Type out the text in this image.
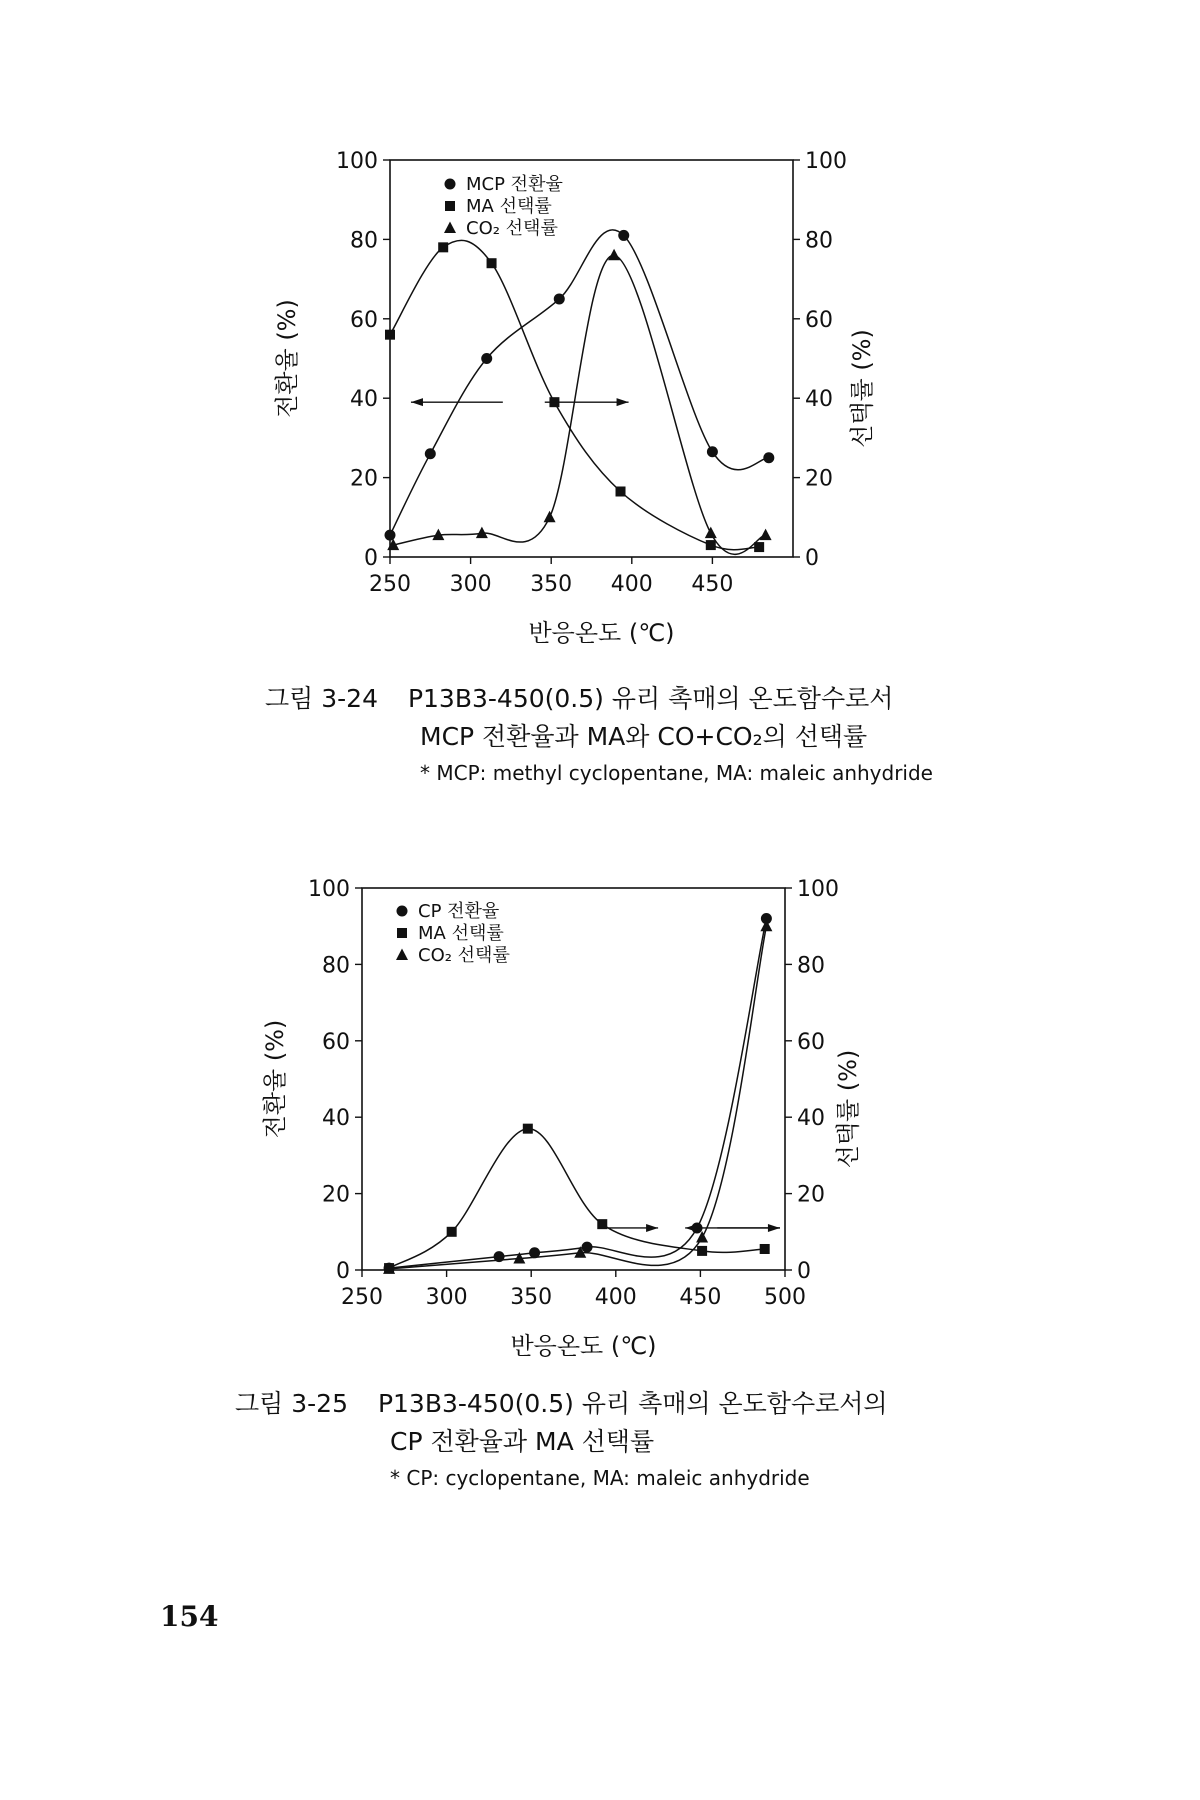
0	0
20	20
40	40
60	60
80	80
100	100
250 300 350 400 450
반응온도 (℃)
전환율 (%)	선택률 (%)
MCP 전환율
MA 선택률
CO₂ 선택률
그림 3-24 P13B3-450(0.5) 유리 촉매의 온도함수로서
MCP 전환율과 MA와 CO+CO₂의 선택률
* MCP: methyl cyclopentane, MA: maleic anhydride
0	0
20	20
40	40
60	60
80	80
100	100
250 300 350 400 450 500
반응온도 (℃)
전환율 (%)	선택률 (%)
CP 전환율
MA 선택률
CO₂ 선택률
그림 3-25 P13B3-450(0.5) 유리 촉매의 온도함수로서의
CP 전환율과 MA 선택률
* CP: cyclopentane, MA: maleic anhydride
154
